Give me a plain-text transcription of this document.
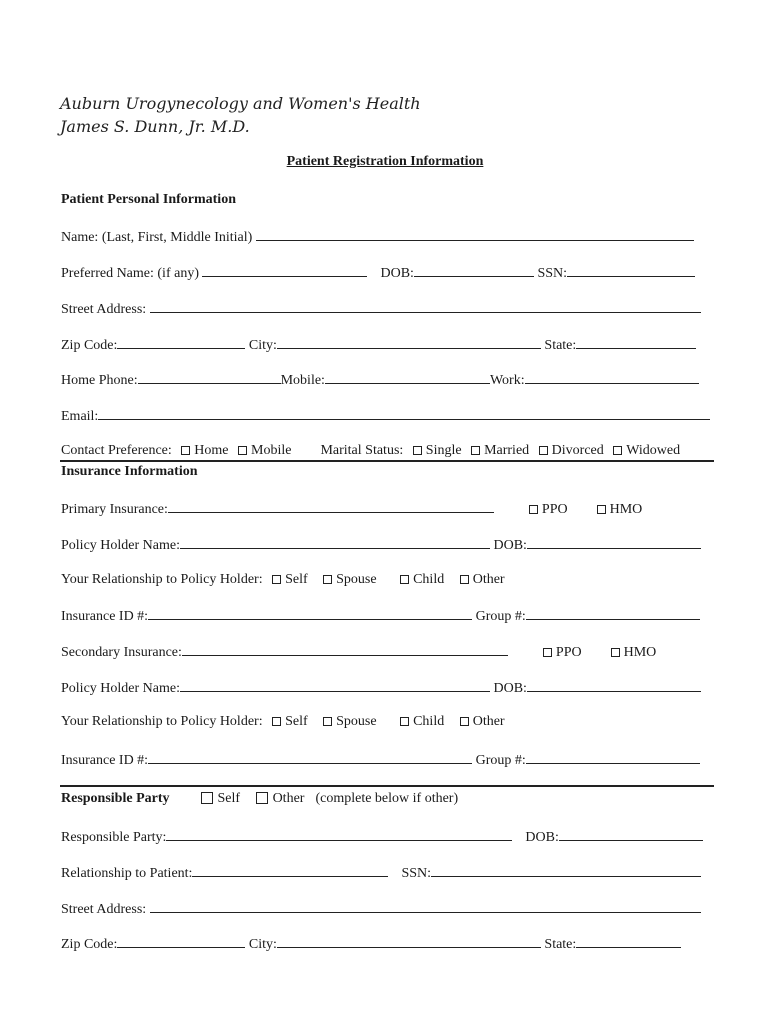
Auburn Urogynecology and Women's Health
James S. Dunn, Jr. M.D.
Patient Registration Information
Patient Personal Information
Name: (Last, First, Middle Initial)
Preferred Name: (if any)	DOB:	SSN:
Street Address:
Zip Code:	City:	State:
Home Phone:	Mobile:	Work:
Email:
Contact Preference: Home Mobile Marital Status: Single Married Divorced Widowed
Insurance Information
Primary Insurance:	PPO	HMO
Policy Holder Name:	DOB:
Your Relationship to Policy Holder: Self Spouse	Child Other
Insurance ID #:	Group #:
Secondary Insurance:	PPO	HMO
Policy Holder Name:	DOB:
Your Relationship to Policy Holder: Self Spouse	Child Other
Insurance ID #:	Group #:
Responsible Party	Self Other (complete below if other)
Responsible Party:	DOB:
Relationship to Patient:	SSN:
Street Address:
Zip Code:	City:	State:
